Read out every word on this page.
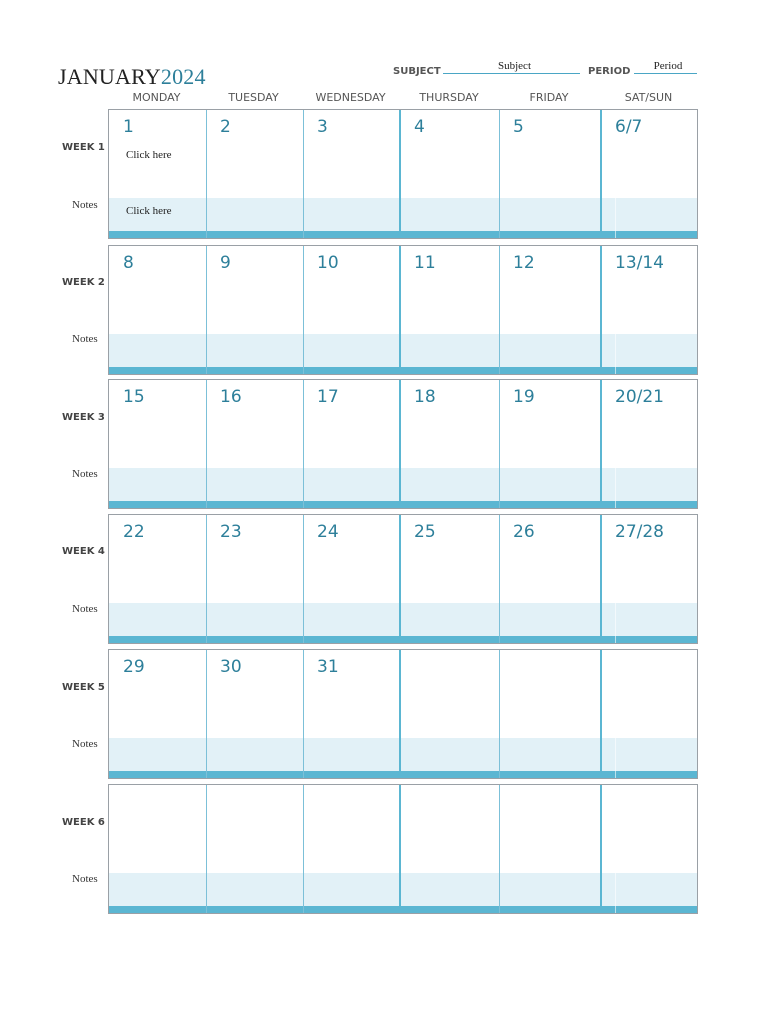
JANUARY2024	SUBJECT	Subject	PERIOD	Period
MONDAY	TUESDAY	WEDNESDAY	THURSDAY	FRIDAY	SAT/SUN
WEEK 1
Notes
1	2	3	4	5	6/7
Click here
Click here
WEEK 2
Notes
8	9	10	11	12	13/14
WEEK 3
Notes
15	16	17	18	19	20/21
WEEK 4
Notes
22	23	24	25	26	27/28
WEEK 5
Notes
29	30	31
WEEK 6
Notes
